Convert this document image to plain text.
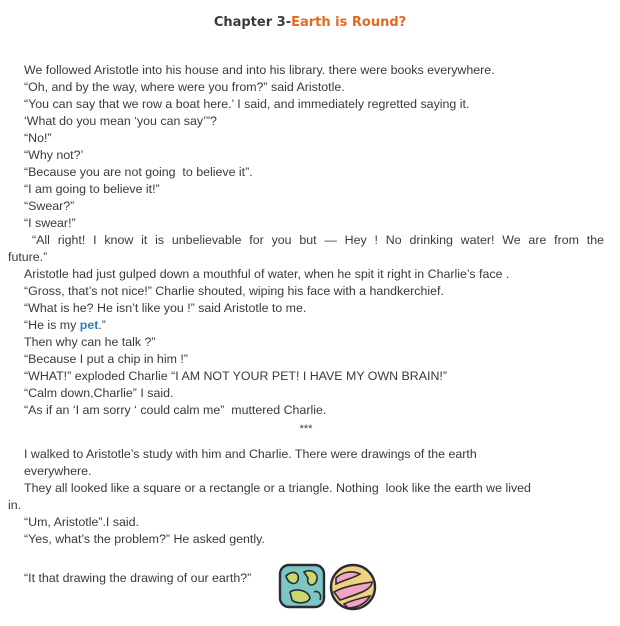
Chapter 3-Earth is Round?
We followed Aristotle into his house and into his library. there were books everywhere.
“Oh, and by the way, where were you from?” said Aristotle.
“You can say that we row a boat here.’ I said, and immediately regretted saying it.
‘What do you mean ‘you can say’”?
“No!”
“Why not?’
“Because you are not going  to believe it”.
“I am going to believe it!”
“Swear?”
“I swear!”
“All right! I know it is unbelievable for you but — Hey ! No drinking water! We are from the
future.”
Aristotle had just gulped down a mouthful of water, when he spit it right in Charlie’s face .
“Gross, that’s not nice!” Charlie shouted, wiping his face with a handkerchief.
“What is he? He isn’t like you !” said Aristotle to me.
“He is my pet.”
Then why can he talk ?”
“Because I put a chip in him !”
“WHAT!” exploded Charlie “I AM NOT YOUR PET! I HAVE MY OWN BRAIN!”
“Calm down,Charlie” I said.
“As if an ‘I am sorry ‘ could calm me”  muttered Charlie.
***
I walked to Aristotle’s study with him and Charlie. There were drawings of the earth
everywhere.
They all looked like a square or a rectangle or a triangle. Nothing  look like the earth we lived
in.
“Um, Aristotle”.I said.
“Yes, what’s the problem?” He asked gently.
“It that drawing the drawing of our earth?”
